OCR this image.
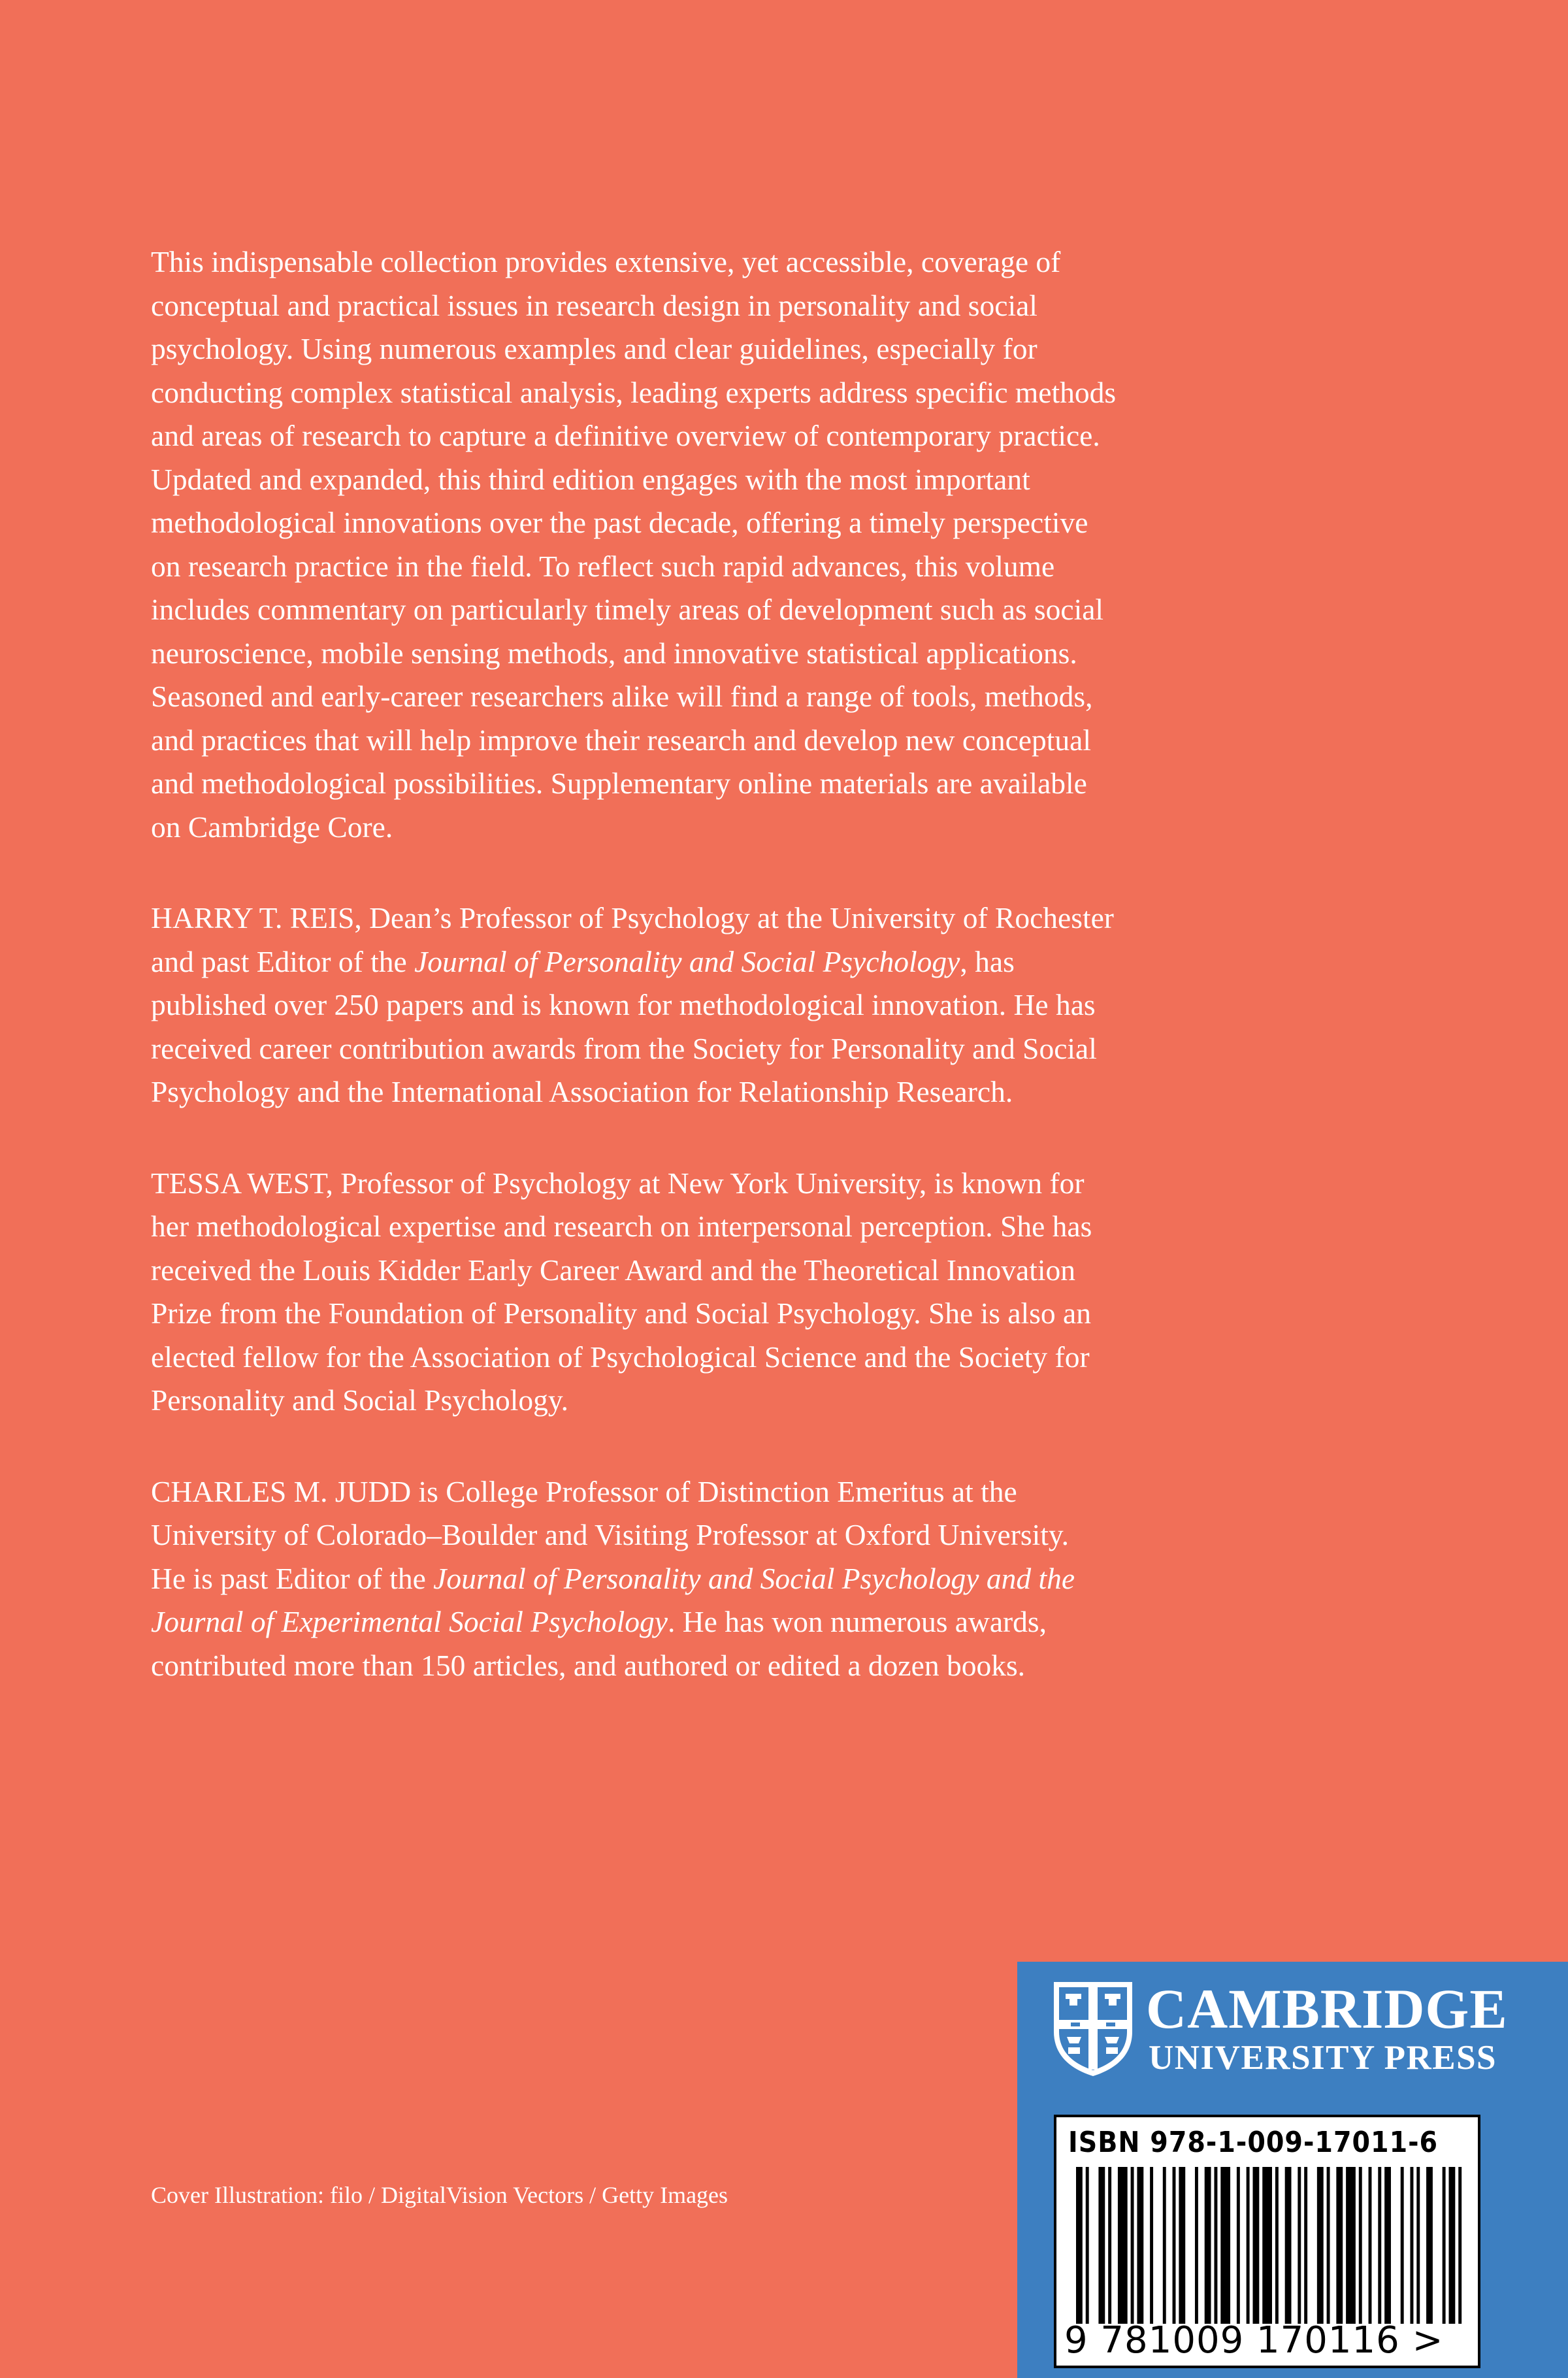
This indispensable collection provides extensive, yet accessible, coverage of
conceptual and practical issues in research design in personality and social
psychology. Using numerous examples and clear guidelines, especially for
conducting complex statistical analysis, leading experts address specific methods
and areas of research to capture a definitive overview of contemporary practice.
Updated and expanded, this third edition engages with the most important
methodological innovations over the past decade, offering a timely perspective
on research practice in the field. To reflect such rapid advances, this volume
includes commentary on particularly timely areas of development such as social
neuroscience, mobile sensing methods, and innovative statistical applications.
Seasoned and early-career researchers alike will find a range of tools, methods,
and practices that will help improve their research and develop new conceptual
and methodological possibilities. Supplementary online materials are available
on Cambridge Core.

HARRY T. REIS, Dean’s Professor of Psychology at the University of Rochester
and past Editor of the Journal of Personality and Social Psychology, has
published over 250 papers and is known for methodological innovation. He has
received career contribution awards from the Society for Personality and Social
Psychology and the International Association for Relationship Research.

TESSA WEST, Professor of Psychology at New York University, is known for
her methodological expertise and research on interpersonal perception. She has
received the Louis Kidder Early Career Award and the Theoretical Innovation
Prize from the Foundation of Personality and Social Psychology. She is also an
elected fellow for the Association of Psychological Science and the Society for
Personality and Social Psychology.

CHARLES M. JUDD is College Professor of Distinction Emeritus at the
University of Colorado–Boulder and Visiting Professor at Oxford University.
He is past Editor of the Journal of Personality and Social Psychology and the
Journal of Experimental Social Psychology. He has won numerous awards,
contributed more than 150 articles, and authored or edited a dozen books.

Cover Illustration: filo / DigitalVision Vectors / Getty Images
CAMBRIDGE
UNIVERSITY PRESS
ISBN 978-1-009-17011-6
9 781009 170116 >
